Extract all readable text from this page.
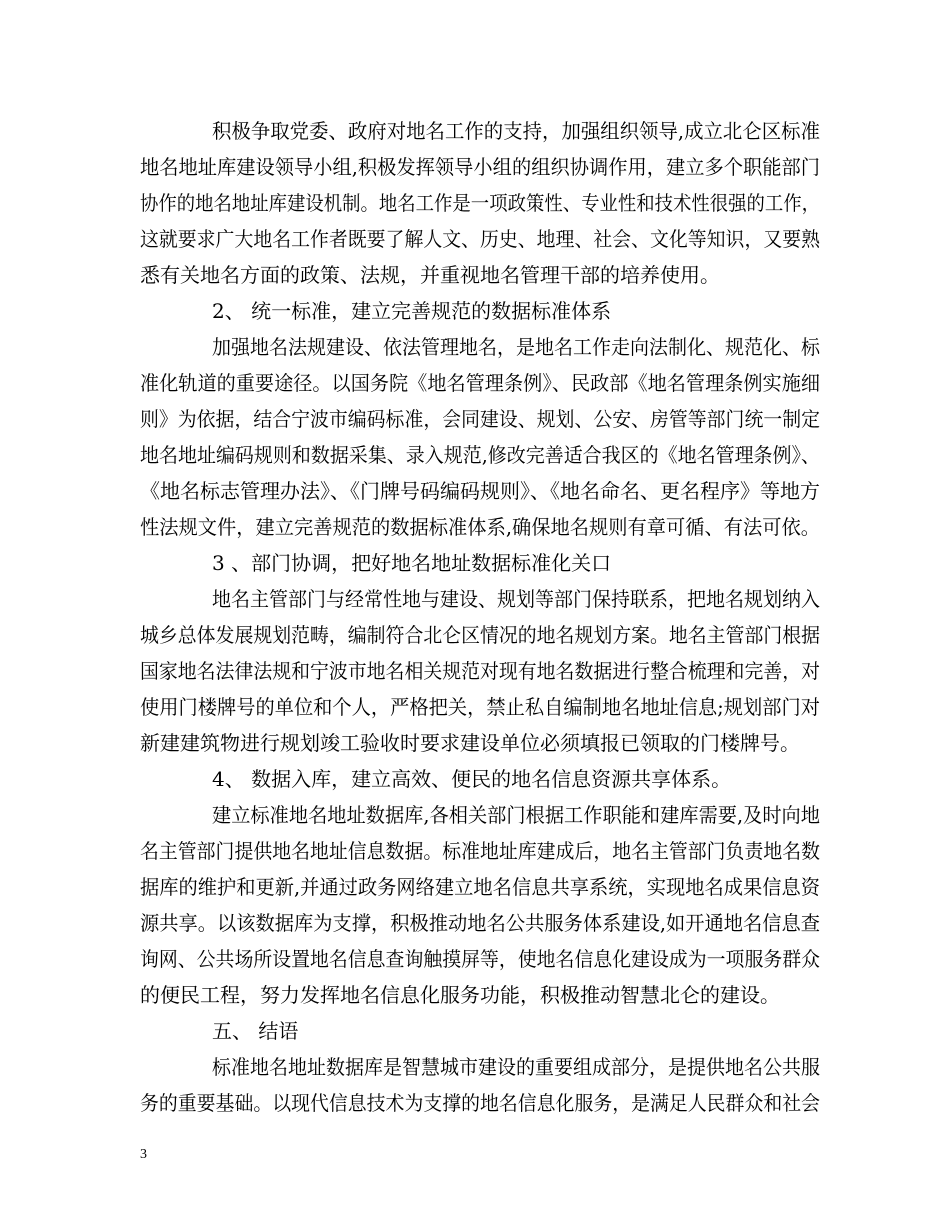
积极争取党委、政府对地名工作的支持，加强组织领导,成立北仑区标准
地名地址库建设领导小组,积极发挥领导小组的组织协调作用，建立多个职能部门
协作的地名地址库建设机制。地名工作是一项政策性、专业性和技术性很强的工作，
这就要求广大地名工作者既要了解人文、历史、地理、社会、文化等知识，又要熟
悉有关地名方面的政策、法规，并重视地名管理干部的培养使用。
2、 统一标准，建立完善规范的数据标准体系
加强地名法规建设、依法管理地名，是地名工作走向法制化、规范化、标
准化轨道的重要途径。以国务院《地名管理条例》、民政部《地名管理条例实施细
则》为依据，结合宁波市编码标准，会同建设、规划、公安、房管等部门统一制定
地名地址编码规则和数据采集、录入规范,修改完善适合我区的《地名管理条例》、
《地名标志管理办法》、《门牌号码编码规则》、《地名命名、更名程序》等地方
性法规文件，建立完善规范的数据标准体系,确保地名规则有章可循、有法可依。
3 、部门协调，把好地名地址数据标准化关口
地名主管部门与经常性地与建设、规划等部门保持联系，把地名规划纳入
城乡总体发展规划范畴，编制符合北仑区情况的地名规划方案。地名主管部门根据
国家地名法律法规和宁波市地名相关规范对现有地名数据进行整合梳理和完善，对
使用门楼牌号的单位和个人，严格把关，禁止私自编制地名地址信息;规划部门对
新建建筑物进行规划竣工验收时要求建设单位必须填报已领取的门楼牌号。
4、 数据入库，建立高效、便民的地名信息资源共享体系。
建立标准地名地址数据库,各相关部门根据工作职能和建库需要,及时向地
名主管部门提供地名地址信息数据。标准地址库建成后，地名主管部门负责地名数
据库的维护和更新,并通过政务网络建立地名信息共享系统，实现地名成果信息资
源共享。以该数据库为支撑，积极推动地名公共服务体系建设,如开通地名信息查
询网、公共场所设置地名信息查询触摸屏等，使地名信息化建设成为一项服务群众
的便民工程，努力发挥地名信息化服务功能，积极推动智慧北仑的建设。
五、 结语
标准地名地址数据库是智慧城市建设的重要组成部分，是提供地名公共服
务的重要基础。以现代信息技术为支撑的地名信息化服务，是满足人民群众和社会
3
